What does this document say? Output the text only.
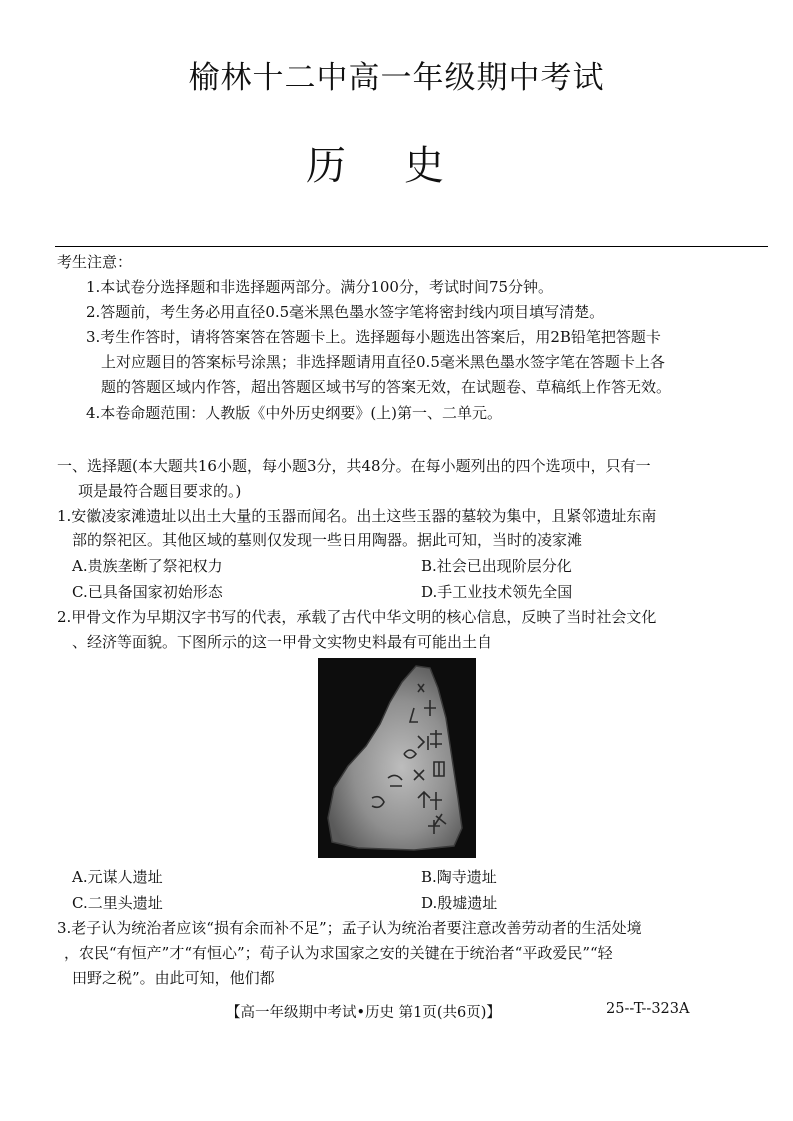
榆林十二中高一年级期中考试
历 史
考生注意：
1.本试卷分选择题和非选择题两部分。满分100分，考试时间75分钟。
2.答题前，考生务必用直径0.5毫米黑色墨水签字笔将密封线内项目填写清楚。
3.考生作答时，请将答案答在答题卡上。选择题每小题选出答案后，用2B铅笔把答题卡
上对应题目的答案标号涂黑；非选择题请用直径0.5毫米黑色墨水签字笔在答题卡上各
题的答题区域内作答，超出答题区域书写的答案无效，在试题卷、草稿纸上作答无效。
4.本卷命题范围：人教版《中外历史纲要》(上)第一、二单元。
一、选择题(本大题共16小题，每小题3分，共48分。在每小题列出的四个选项中，只有一
项是最符合题目要求的。)
1.安徽凌家滩遗址以出土大量的玉器而闻名。出土这些玉器的墓较为集中，且紧邻遗址东南
部的祭祀区。其他区域的墓则仅发现一些日用陶器。据此可知，当时的凌家滩
A.贵族垄断了祭祀权力	B.社会已出现阶层分化
C.已具备国家初始形态	D.手工业技术领先全国
2.甲骨文作为早期汉字书写的代表，承载了古代中华文明的核心信息，反映了当时社会文化
、经济等面貌。下图所示的这一甲骨文实物史料最有可能出土自
A.元谋人遗址	B.陶寺遗址
C.二里头遗址	D.殷墟遗址
3.老子认为统治者应该“损有余而补不足”；孟子认为统治者要注意改善劳动者的生活处境
，农民“有恒产”才“有恒心”；荀子认为求国家之安的关键在于统治者“平政爱民”“轻
田野之税”。由此可知，他们都
【高一年级期中考试•历史 第1页(共6页)】	25--T--323A
